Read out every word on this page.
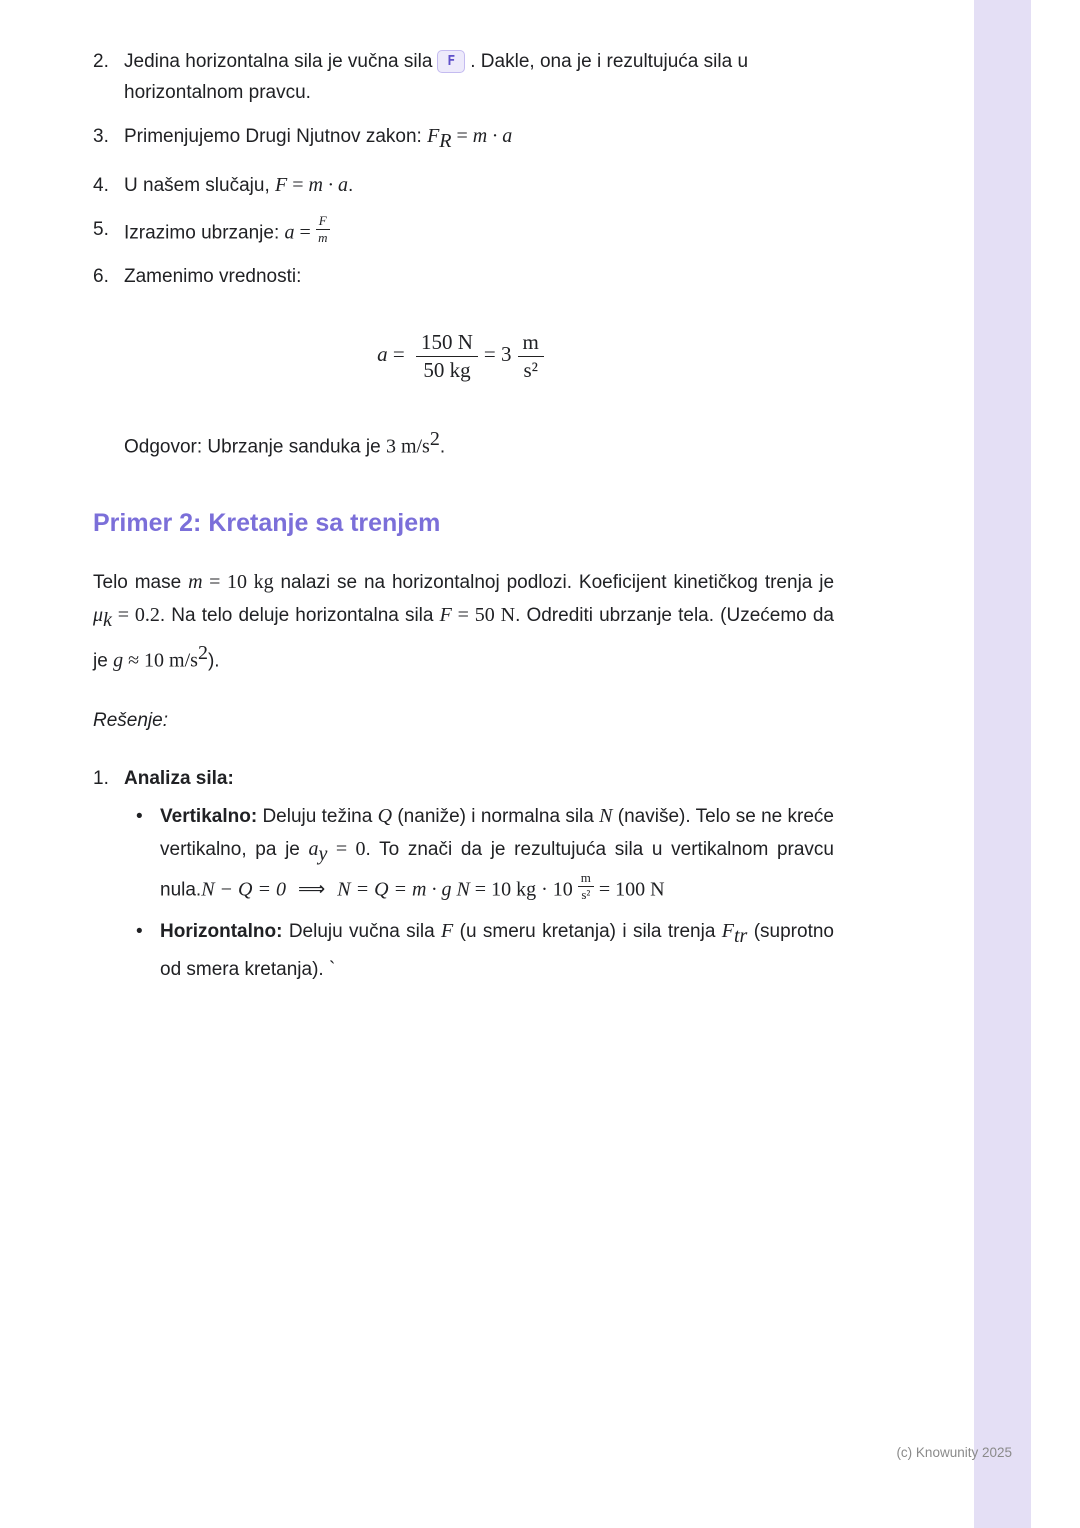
2. Jedina horizontalna sila je vučna sila F . Dakle, ona je i rezultujuća sila u horizontalnom pravcu.
3. Primenjujemo Drugi Njutnov zakon: $F_R = m \cdot a$
4. U našem slučaju, F = m · a.
5. Izrazimo ubrzanje: $a = \frac{F}{m}$
6. Zamenimo vrednosti:
$a = \frac{150 N}{50 kg} = 3 \frac{m}{\text{s²}}$
Odgovor: Ubrzanje sanduka je 3 $m/s^2$.
Primer 2: Kretanje sa trenjem

Telo mase m = 10 kg nalazi se na horizontalnoj podlozi. Koeficijent kinetičkog trenja je $\mu_k = 0.2$. Na telo deluje horizontalna sila F = 50 N. Odrediti ubrzanje tela. (Uzećemo da je g ≈ 10 $m/s^2$).

Rešenje:
1. Analiza sila:
• Vertikalno: Deluju težina Q (naniže) i normalna sila N (naviše). Telo se ne kreće vertikalno, pa je $a_y = 0$. To znači da je rezultujuća sila u vertikalnom pravcu nula.N − Q = 0 ⟹ N = Q = m · g N = 10 kg · $10 \frac{m}{\text{s²}} = 100$ N
• Horizontalno: Deluju vučna sila F (u smeru kretanja) i sila trenja $F_{tr}$ (suprotno od smera kretanja). `
(c) Knowunity 2025
